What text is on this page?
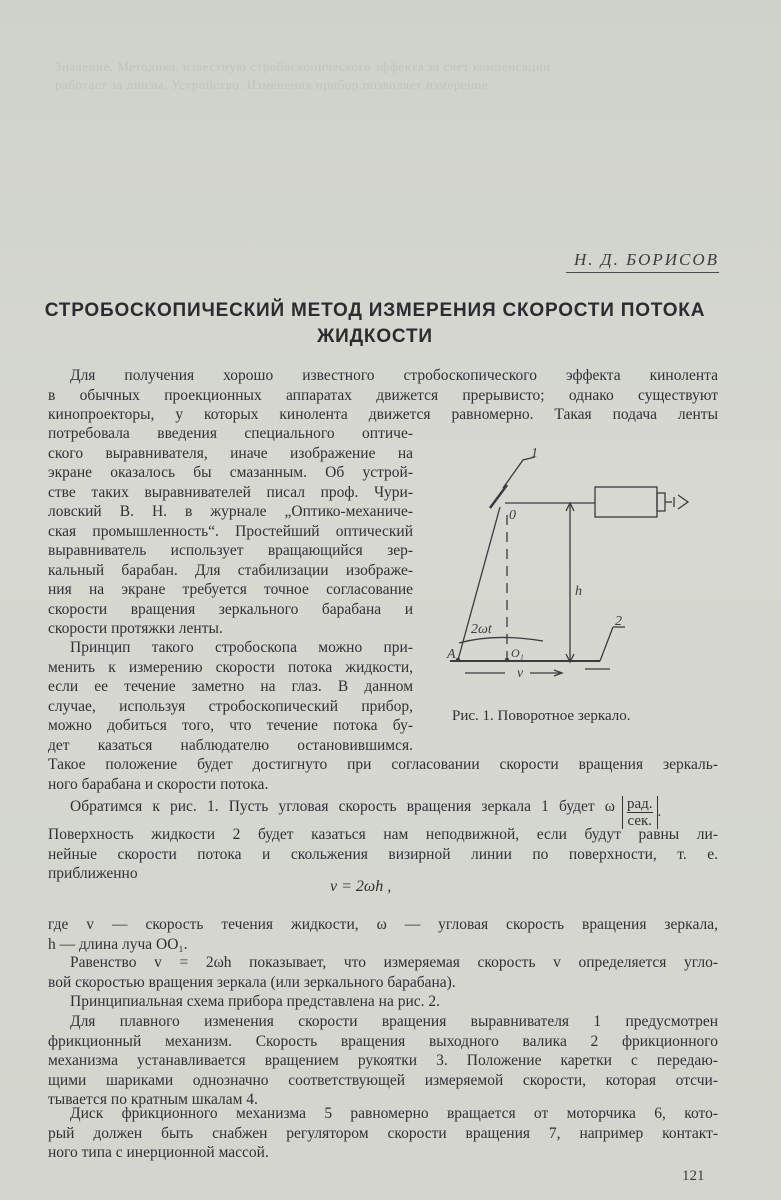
Значение. Методика. известную стробоскопического эффекта за счет компенсации
работает за линзы. Устройство. Изменения прибор позволяет измерение.
Н. Д. БОРИСОВ
СТРОБОСКОПИЧЕСКИЙ МЕТОД ИЗМЕРЕНИЯ СКОРОСТИ ПОТОКА
ЖИДКОСТИ
Для получения хорошо известного стробоскопического эффекта кинолента
в обычных проекционных аппаратах движется прерывисто; однако существуют
кинопроекторы, у которых кинолента движется равномерно. Такая подача ленты
потребовала введения специального оптиче-
ского выравнивателя, иначе изображение на
экране оказалось бы смазанным. Об устрой-
стве таких выравнивателей писал проф. Чури-
ловский В. Н. в журнале „Оптико-механиче-
ская промышленность“. Простейший оптический
выравниватель использует вращающийся зер-
кальный барабан. Для стабилизации изображе-
ния на экране требуется точное согласование
скорости вращения зеркального барабана и
скорости протяжки ленты.
Принцип такого стробоскопа можно при-
менить к измерению скорости потока жидкости,
если ее течение заметно на глаз. В данном
случае, используя стробоскопический прибор,
можно добиться того, что течение потока бу-
дет казаться наблюдателю остановившимся.
Такое положение будет достигнуто при согласовании скорости вращения зеркаль-
ного барабана и скорости потока.
1
0
h
2ωt
2
A	O₁
v
Рис. 1. Поворотное зеркало.
Обратимся к рис. 1. Пусть угловая скорость вращения зеркала 1 будет ω $\frac{\text{рад.}}{\text{сек.}}$ .
Поверхность жидкости 2 будет казаться нам неподвижной, если будут равны ли-
нейные скорости потока и скольжения визирной линии по поверхности, т. е.
приближенно
v = 2ωh ,
где v — скорость течения жидкости, ω — угловая скорость вращения зеркала,
h — длина луча OO₁.
Равенство v = 2ωh показывает, что измеряемая скорость v определяется угло-
вой скоростью вращения зеркала (или зеркального барабана).
Принципиальная схема прибора представлена на рис. 2.
Для плавного изменения скорости вращения выравнивателя 1 предусмотрен
фрикционный механизм. Скорость вращения выходного валика 2 фрикционного
механизма устанавливается вращением рукоятки 3. Положение каретки с передаю-
щими шариками однозначно соответствующей измеряемой скорости, которая отсчи-
тывается по кратным шкалам 4.
Диск фрикционного механизма 5 равномерно вращается от моторчика 6, кото-
рый должен быть снабжен регулятором скорости вращения 7, например контакт-
ного типа с инерционной массой.
121
